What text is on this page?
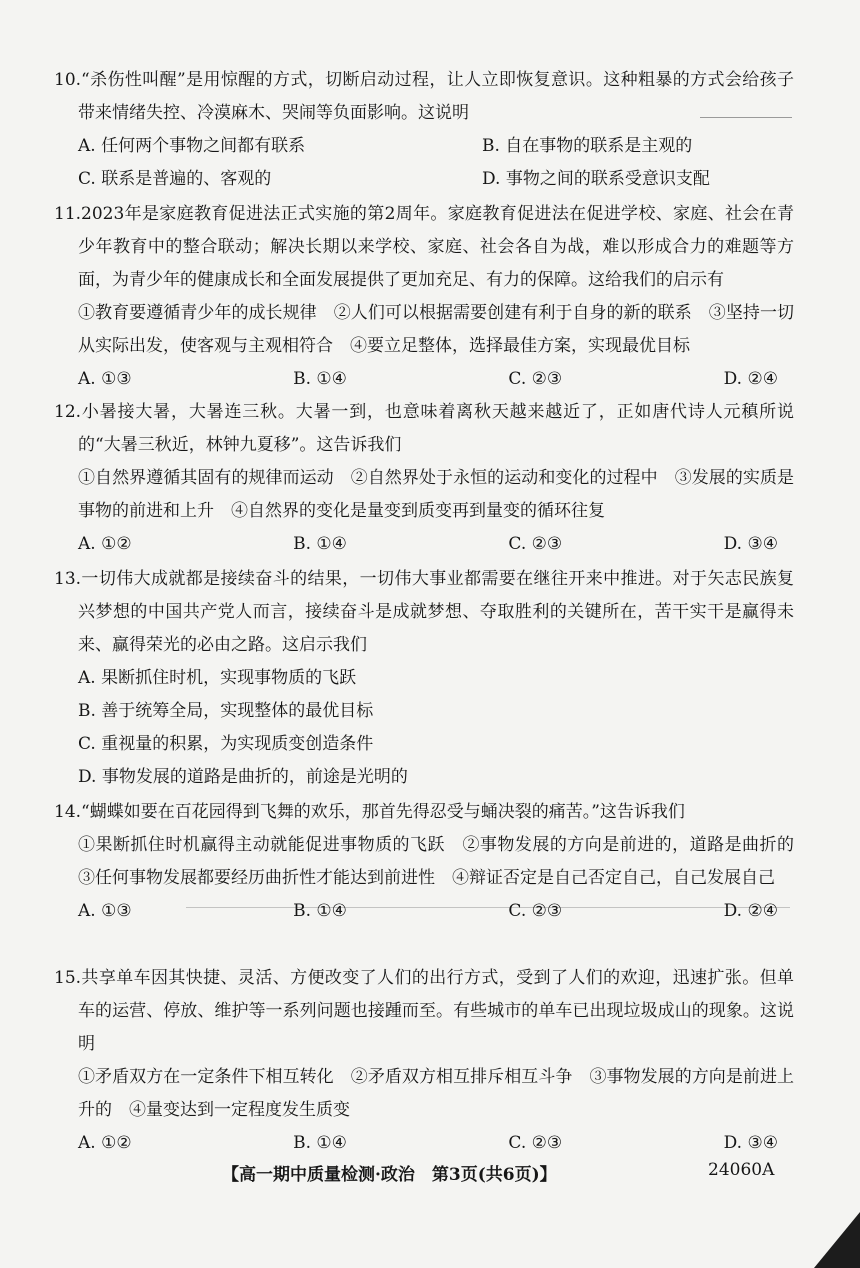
10.“杀伤性叫醒”是用惊醒的方式，切断启动过程，让人立即恢复意识。这种粗暴的方式会给孩子带来情绪失控、冷漠麻木、哭闹等负面影响。这说明

A. 任何两个事物之间都有联系	B. 自在事物的联系是主观的
C. 联系是普遍的、客观的	D. 事物之间的联系受意识支配

11.2023年是家庭教育促进法正式实施的第2周年。家庭教育促进法在促进学校、家庭、社会在青少年教育中的整合联动；解决长期以来学校、家庭、社会各自为战，难以形成合力的难题等方面，为青少年的健康成长和全面发展提供了更加充足、有力的保障。这给我们的启示有

①教育要遵循青少年的成长规律　②人们可以根据需要创建有利于自身的新的联系　③坚持一切从实际出发，使客观与主观相符合　④要立足整体，选择最佳方案，实现最优目标

A. ①③	B. ①④	C. ②③	D. ②④

12.小暑接大暑，大暑连三秋。大暑一到，也意味着离秋天越来越近了，正如唐代诗人元稹所说的“大暑三秋近，林钟九夏移”。这告诉我们

①自然界遵循其固有的规律而运动　②自然界处于永恒的运动和变化的过程中　③发展的实质是事物的前进和上升　④自然界的变化是量变到质变再到量变的循环往复

A. ①②	B. ①④	C. ②③	D. ③④

13.一切伟大成就都是接续奋斗的结果，一切伟大事业都需要在继往开来中推进。对于矢志民族复兴梦想的中国共产党人而言，接续奋斗是成就梦想、夺取胜利的关键所在，苦干实干是赢得未来、赢得荣光的必由之路。这启示我们

A. 果断抓住时机，实现事物质的飞跃
B. 善于统筹全局，实现整体的最优目标
C. 重视量的积累，为实现质变创造条件
D. 事物发展的道路是曲折的，前途是光明的

14.“蝴蝶如要在百花园得到飞舞的欢乐，那首先得忍受与蛹决裂的痛苦。”这告诉我们

①果断抓住时机赢得主动就能促进事物质的飞跃　②事物发展的方向是前进的，道路是曲折的　③任何事物发展都要经历曲折性才能达到前进性　④辩证否定是自己否定自己，自己发展自己

A. ①③	B. ①④	C. ②③	D. ②④

15.共享单车因其快捷、灵活、方便改变了人们的出行方式，受到了人们的欢迎，迅速扩张。但单车的运营、停放、维护等一系列问题也接踵而至。有些城市的单车已出现垃圾成山的现象。这说明

①矛盾双方在一定条件下相互转化　②矛盾双方相互排斥相互斗争　③事物发展的方向是前进上升的　④量变达到一定程度发生质变

A. ①②	B. ①④	C. ②③	D. ③④
【高一期中质量检测·政治　第3页(共6页)】	24060A
